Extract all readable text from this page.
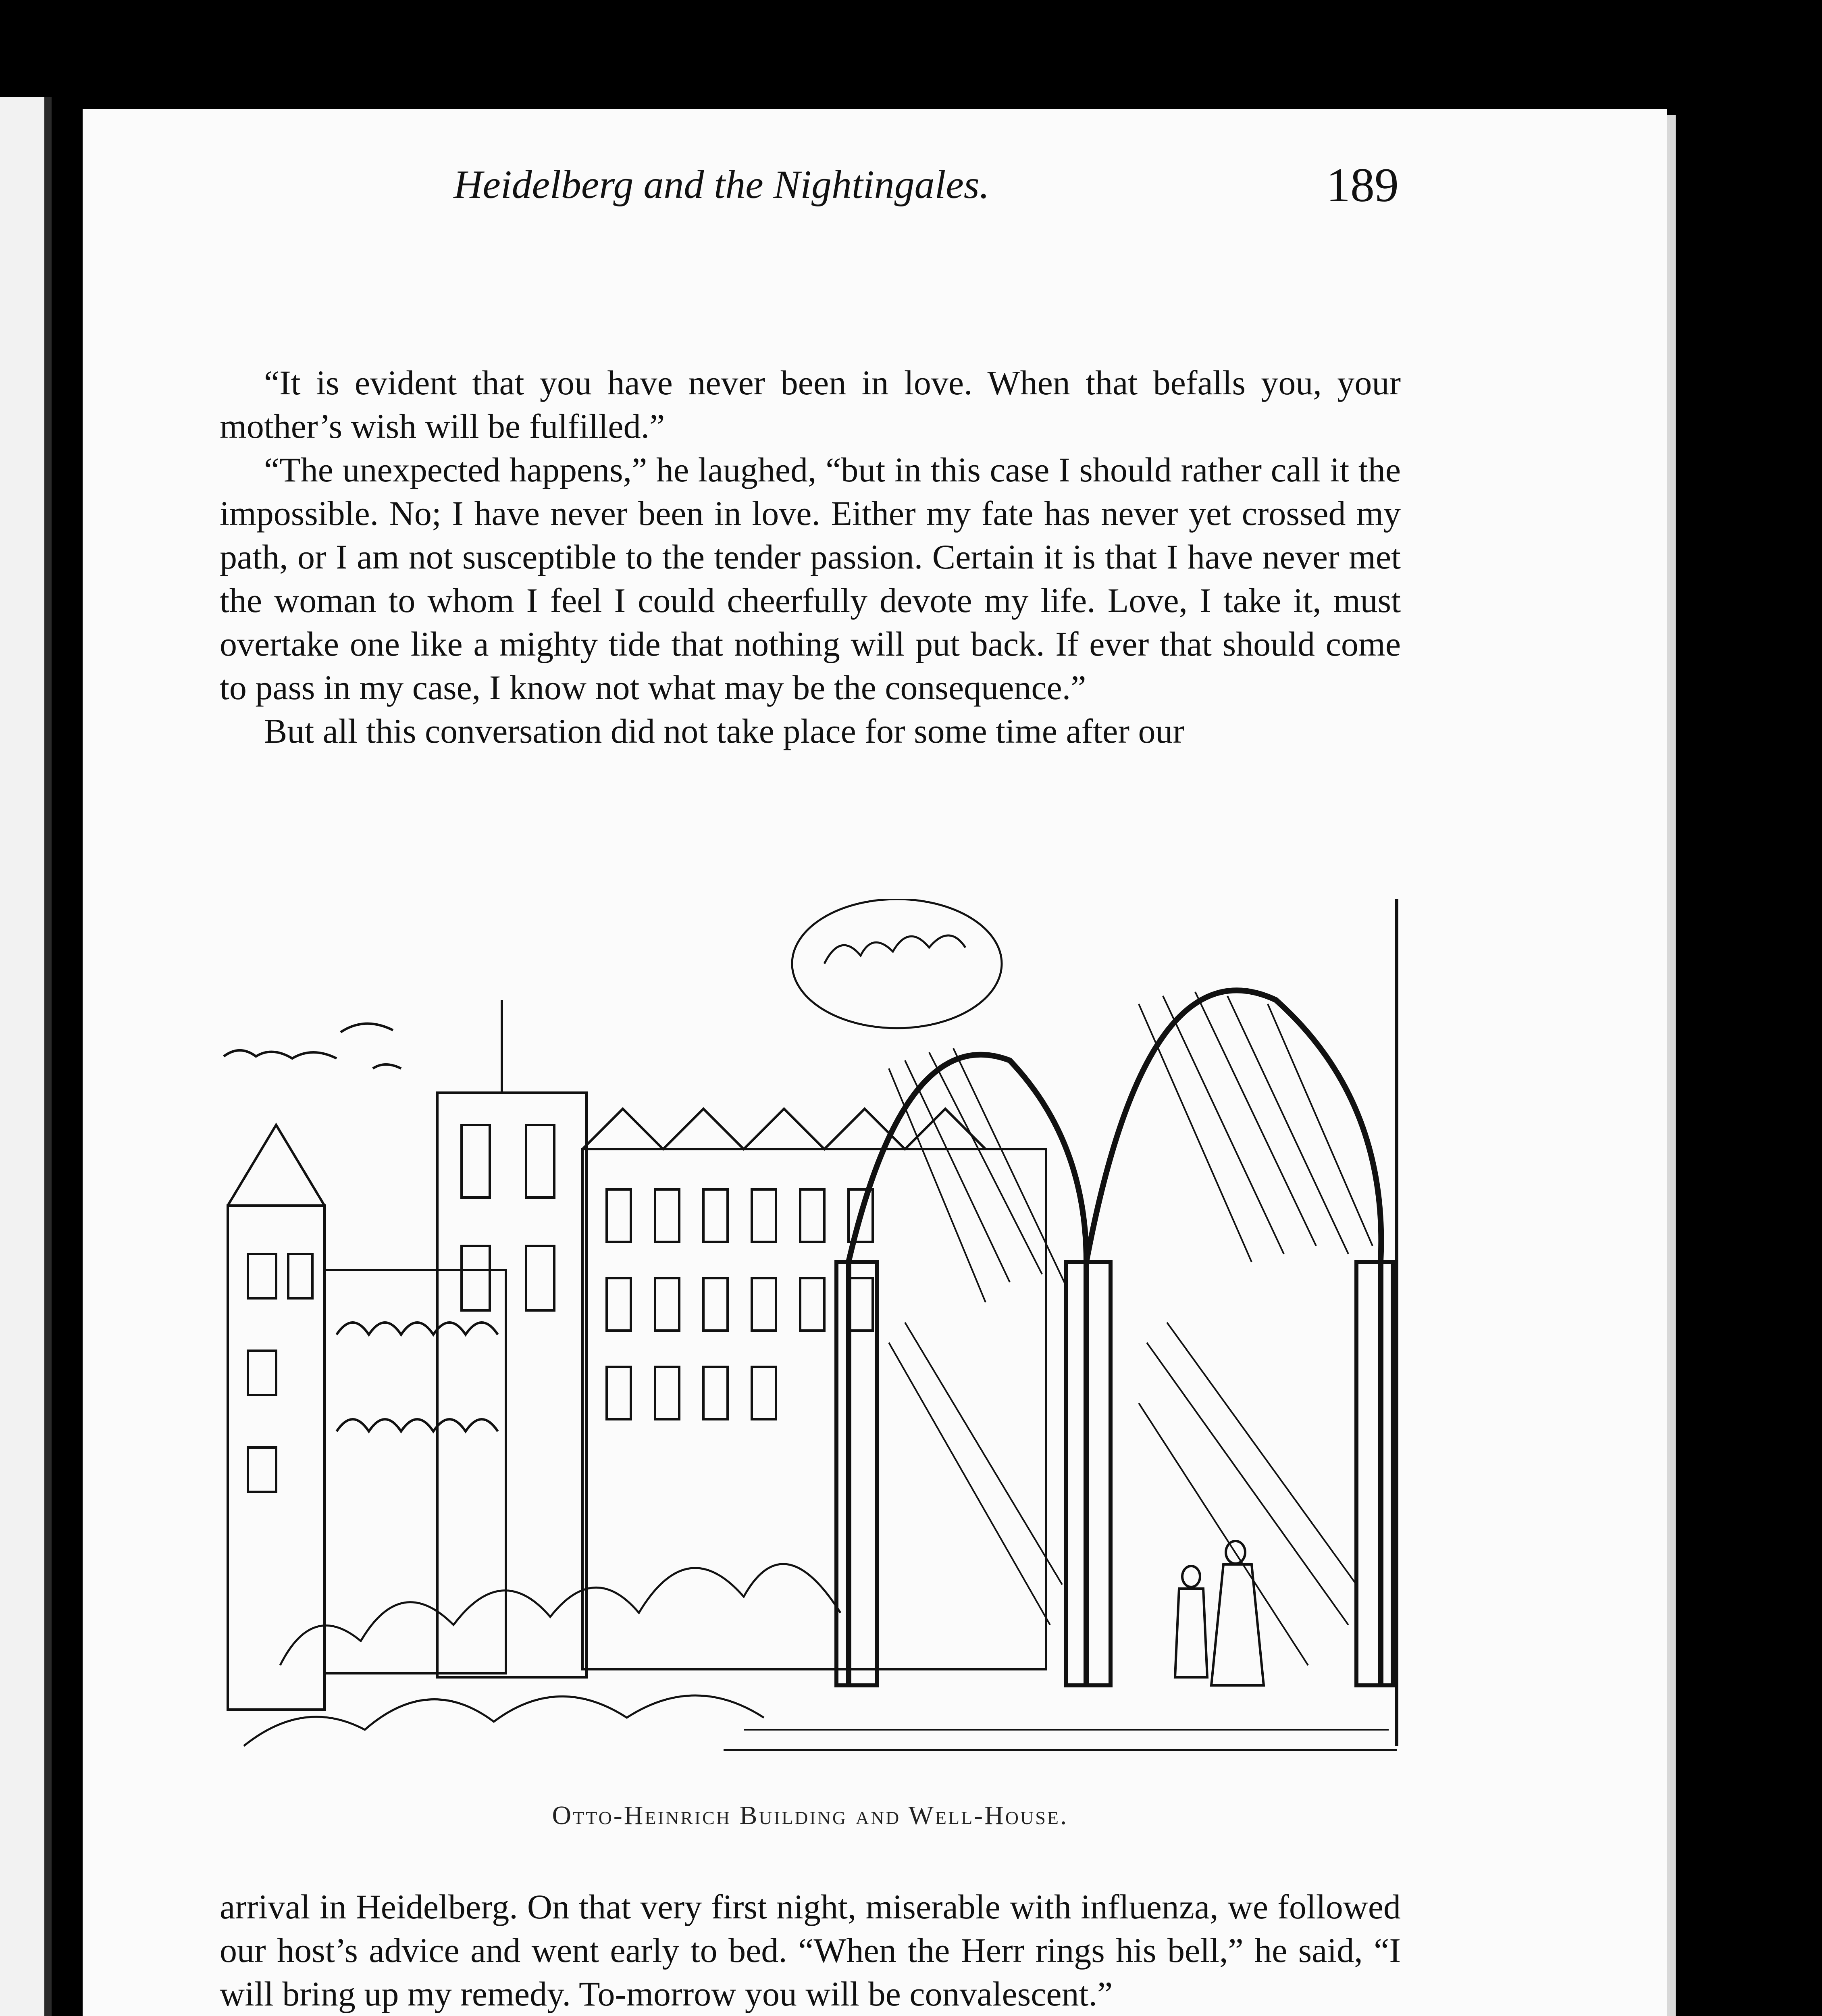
Heidelberg and the Nightingales.	189

“It is evident that you have never been in love. When that befalls you, your mother’s wish will be fulfilled.”

“The unexpected happens,” he laughed, “but in this case I should rather call it the impossible. No; I have never been in love. Either my fate has never yet crossed my path, or I am not susceptible to the tender passion. Certain it is that I have never met the woman to whom I feel I could cheerfully devote my life. Love, I take it, must overtake one like a mighty tide that nothing will put back. If ever that should come to pass in my case, I know not what may be the consequence.”

But all this conversation did not take place for some time after our

Otto-Heinrich Building and Well-House.

arrival in Heidelberg. On that very first night, miserable with influenza, we followed our host’s advice and went early to bed. “When the Herr rings his bell,” he said, “I will bring up my remedy. To-morrow you will be convalescent.”
